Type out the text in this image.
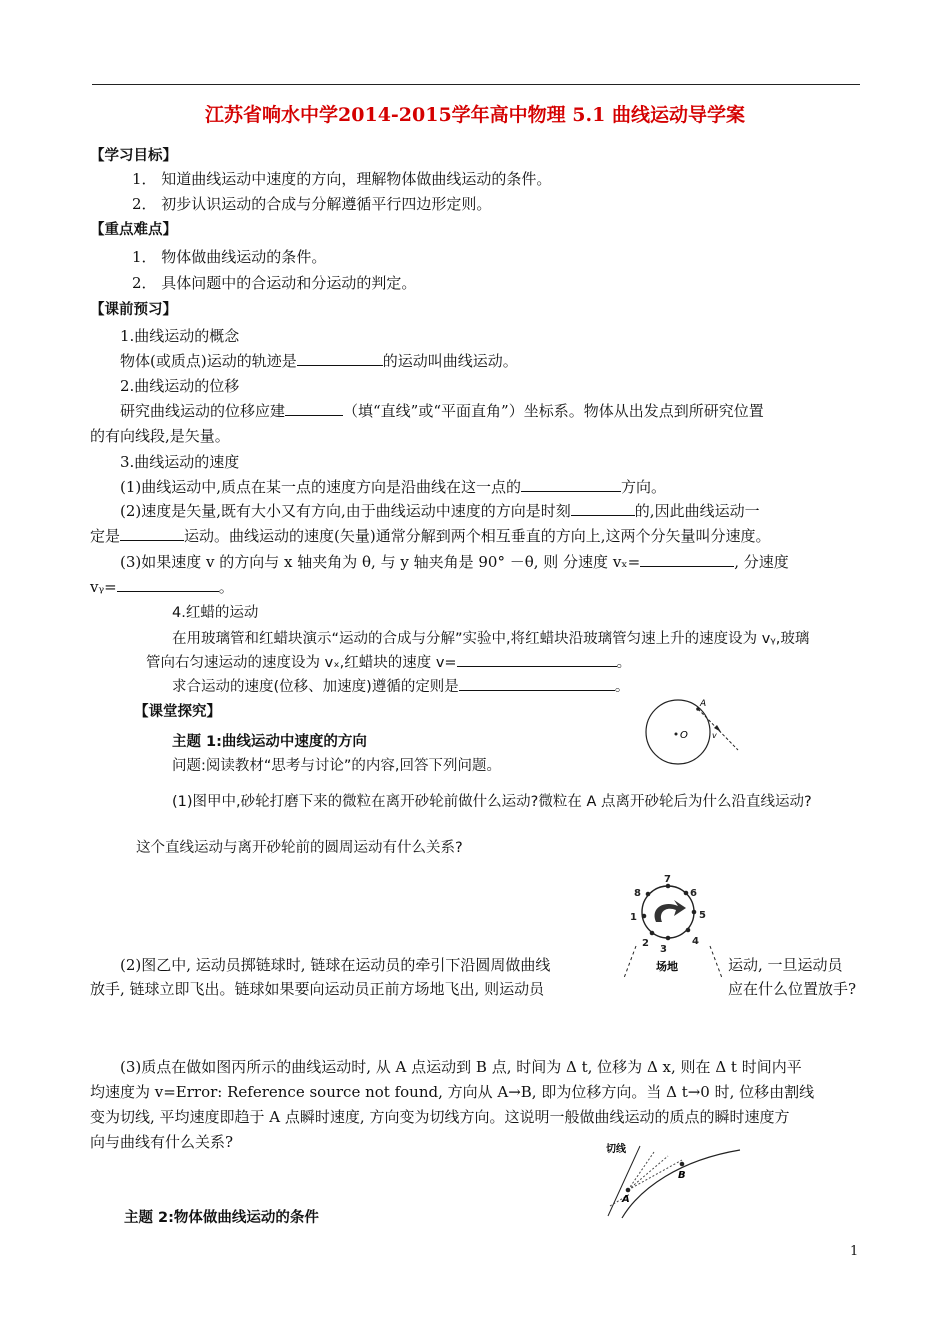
江苏省响水中学2014-2015学年高中物理 5.1 曲线运动导学案
【学习目标】
1． 知道曲线运动中速度的方向，理解物体做曲线运动的条件。
2． 初步认识运动的合成与分解遵循平行四边形定则。
【重点难点】
1． 物体做曲线运动的条件。
2． 具体问题中的合运动和分运动的判定。
【课前预习】
1.曲线运动的概念
物体(或质点)运动的轨迹是	的运动叫曲线运动。
2.曲线运动的位移
研究曲线运动的位移应建	（填“直线”或“平面直角”）坐标系。物体从出发点到所研究位置
的有向线段,是矢量。
3.曲线运动的速度
(1)曲线运动中,质点在某一点的速度方向是沿曲线在这一点的	方向。
(2)速度是矢量,既有大小又有方向,由于曲线运动中速度的方向是时刻	的,因此曲线运动一
定是	运动。曲线运动的速度(矢量)通常分解到两个相互垂直的方向上,这两个分矢量叫分速度。
(3)如果速度 v 的方向与 x 轴夹角为 θ, 与 y 轴夹角是 90° －θ, 则 分速度 vₓ=	, 分速度
vᵧ=	。
4.红蜡的运动
在用玻璃管和红蜡块演示“运动的合成与分解”实验中,将红蜡块沿玻璃管匀速上升的速度设为 vᵧ,玻璃
管向右匀速运动的速度设为 vₓ,红蜡块的速度 v=	。
求合运动的速度(位移、加速度)遵循的定则是	。
【课堂探究】
主题 1:曲线运动中速度的方向
问题:阅读教材“思考与讨论”的内容,回答下列问题。
(1)图甲中,砂轮打磨下来的微粒在离开砂轮前做什么运动?微粒在 A 点离开砂轮后为什么沿直线运动?
这个直线运动与离开砂轮前的圆周运动有什么关系?
O
A
v
1
2
3
4
5
6
7
8
场地
(2)图乙中, 运动员掷链球时, 链球在运动员的牵引下沿圆周做曲线	运动, 一旦运动员
放手, 链球立即飞出。链球如果要向运动员正前方场地飞出, 则运动员	应在什么位置放手?
(3)质点在做如图丙所示的曲线运动时, 从 A 点运动到 B 点, 时间为 Δ t, 位移为 Δ x, 则在 Δ t 时间内平
均速度为 v=Error: Reference source not found, 方向从 A→B, 即为位移方向。当 Δ t→0 时, 位移由割线
变为切线, 平均速度即趋于 A 点瞬时速度, 方向变为切线方向。这说明一般做曲线运动的质点的瞬时速度方
向与曲线有什么关系?	切线
A
B
主题 2:物体做曲线运动的条件
1
